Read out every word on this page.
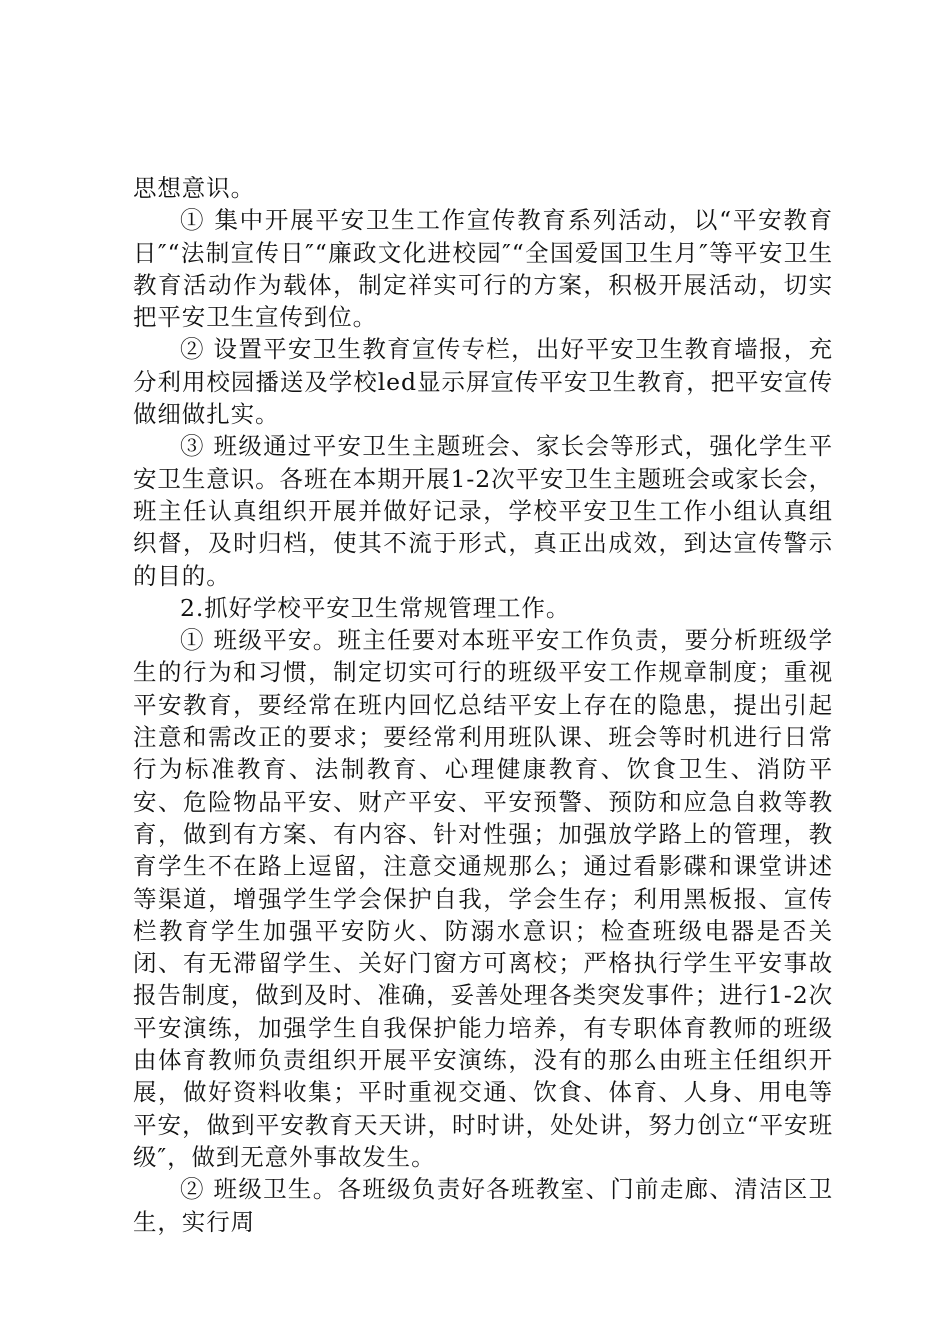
思想意识。

① 集中开展平安卫生工作宣传教育系列活动，以“平安教育日″“法制宣传日″“廉政文化进校园″“全国爱国卫生月″等平安卫生教育活动作为载体，制定祥实可行的方案，积极开展活动，切实把平安卫生宣传到位。

② 设置平安卫生教育宣传专栏，出好平安卫生教育墙报，充分利用校园播送及学校led显示屏宣传平安卫生教育，把平安宣传做细做扎实。

③ 班级通过平安卫生主题班会、家长会等形式，强化学生平安卫生意识。各班在本期开展1-2次平安卫生主题班会或家长会，班主任认真组织开展并做好记录，学校平安卫生工作小组认真组织督，及时归档，使其不流于形式，真正出成效，到达宣传警示的目的。

2.抓好学校平安卫生常规管理工作。

① 班级平安。班主任要对本班平安工作负责，要分析班级学生的行为和习惯，制定切实可行的班级平安工作规章制度；重视平安教育，要经常在班内回忆总结平安上存在的隐患，提出引起注意和需改正的要求；要经常利用班队课、班会等时机进行日常行为标准教育、法制教育、心理健康教育、饮食卫生、消防平安、危险物品平安、财产平安、平安预警、预防和应急自救等教育，做到有方案、有内容、针对性强；加强放学路上的管理，教育学生不在路上逗留，注意交通规那么；通过看影碟和课堂讲述等渠道，增强学生学会保护自我，学会生存；利用黑板报、宣传栏教育学生加强平安防火、防溺水意识；检查班级电器是否关闭、有无滞留学生、关好门窗方可离校；严格执行学生平安事故报告制度，做到及时、准确，妥善处理各类突发事件；进行1-2次平安演练，加强学生自我保护能力培养，有专职体育教师的班级由体育教师负责组织开展平安演练，没有的那么由班主任组织开展，做好资料收集；平时重视交通、饮食、体育、人身、用电等平安，做到平安教育天天讲，时时讲，处处讲，努力创立“平安班级″，做到无意外事故发生。

② 班级卫生。各班级负责好各班教室、门前走廊、清洁区卫生，实行周
